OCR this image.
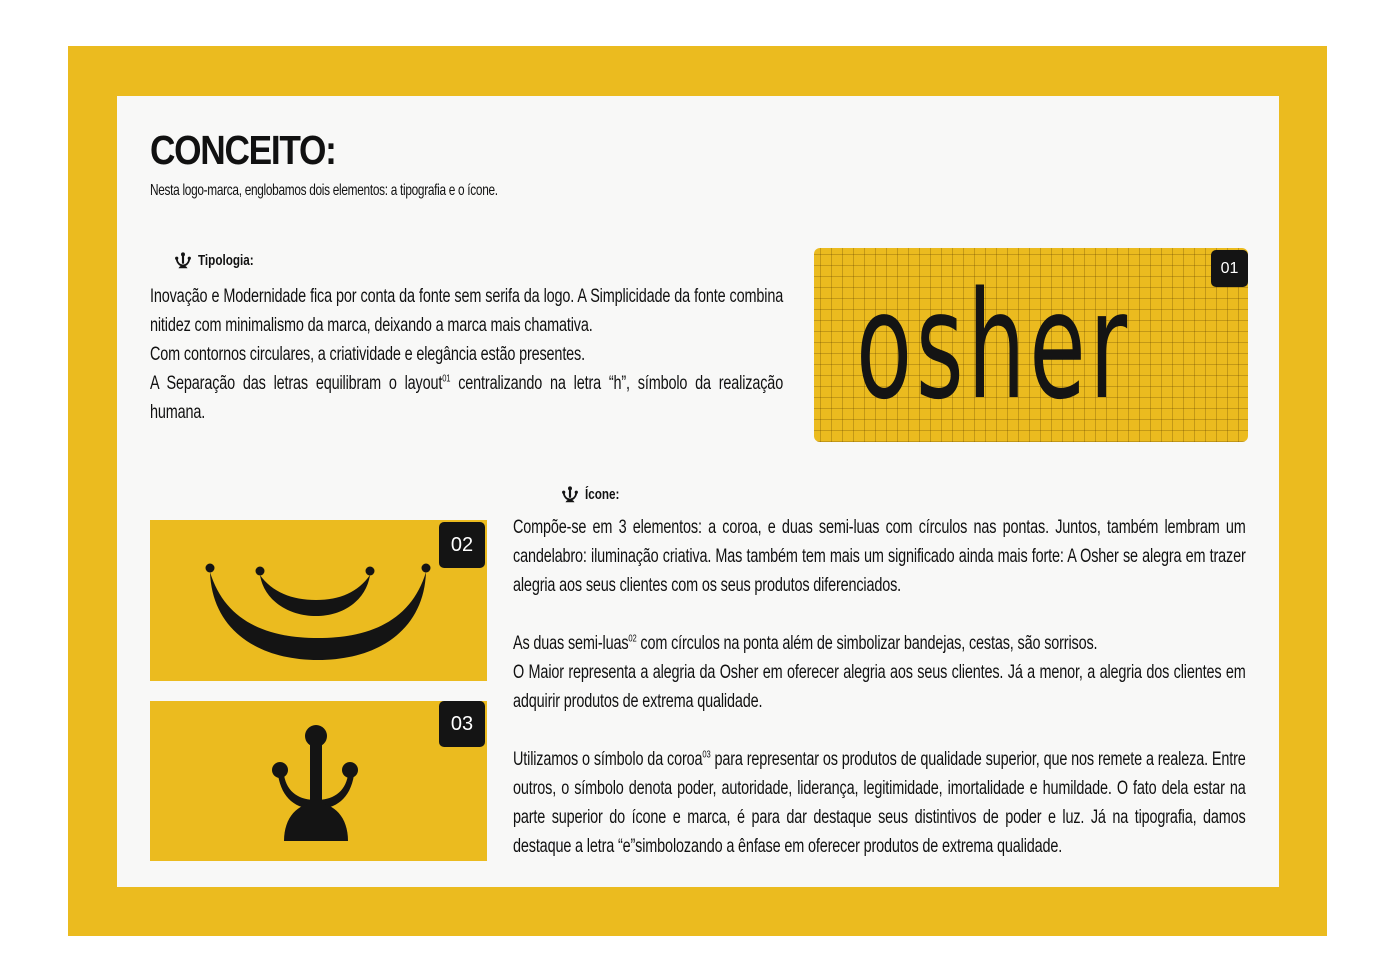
CONCEITO:

Nesta logo-marca, englobamos dois elementos: a tipografia e o ícone.

Tipologia:
Inovação e Modernidade fica por conta da fonte sem serifa da logo. A Simplicidade da fonte combina nitidez com minimalismo da marca, deixando a marca mais chamativa.
Com contornos circulares, a criatividade e elegância estão presentes.
A Separação das letras equilibram o layout$^{01}$ centralizando na letra “h”, símbolo da realização humana.	osher	01
Ícone:
Compõe-se em 3 elementos: a coroa, e duas semi-luas com círculos nas pontas. Juntos, também lembram um candelabro: iluminação criativa. Mas também tem mais um significado ainda mais forte: A Osher se alegra em trazer alegria aos seus clientes com os seus produtos diferenciados.
As duas semi-luas$^{02}$ com círculos na ponta além de simbolizar bandejas, cestas, são sorrisos.
O Maior representa a alegria da Osher em oferecer alegria aos seus clientes. Já a menor, a alegria dos clientes em adquirir produtos de extrema qualidade.
Utilizamos o símbolo da coroa$^{03}$ para representar os produtos de qualidade superior, que nos remete a realeza. Entre outros, o símbolo denota poder, autoridade, liderança, legitimidade, imortalidade e humildade. O fato dela estar na parte superior do ícone e marca, é para dar destaque seus distintivos de poder e luz. Já na tipografia, damos destaque a letra “e”simbolozando a ênfase em oferecer produtos de extrema qualidade.
02
03
